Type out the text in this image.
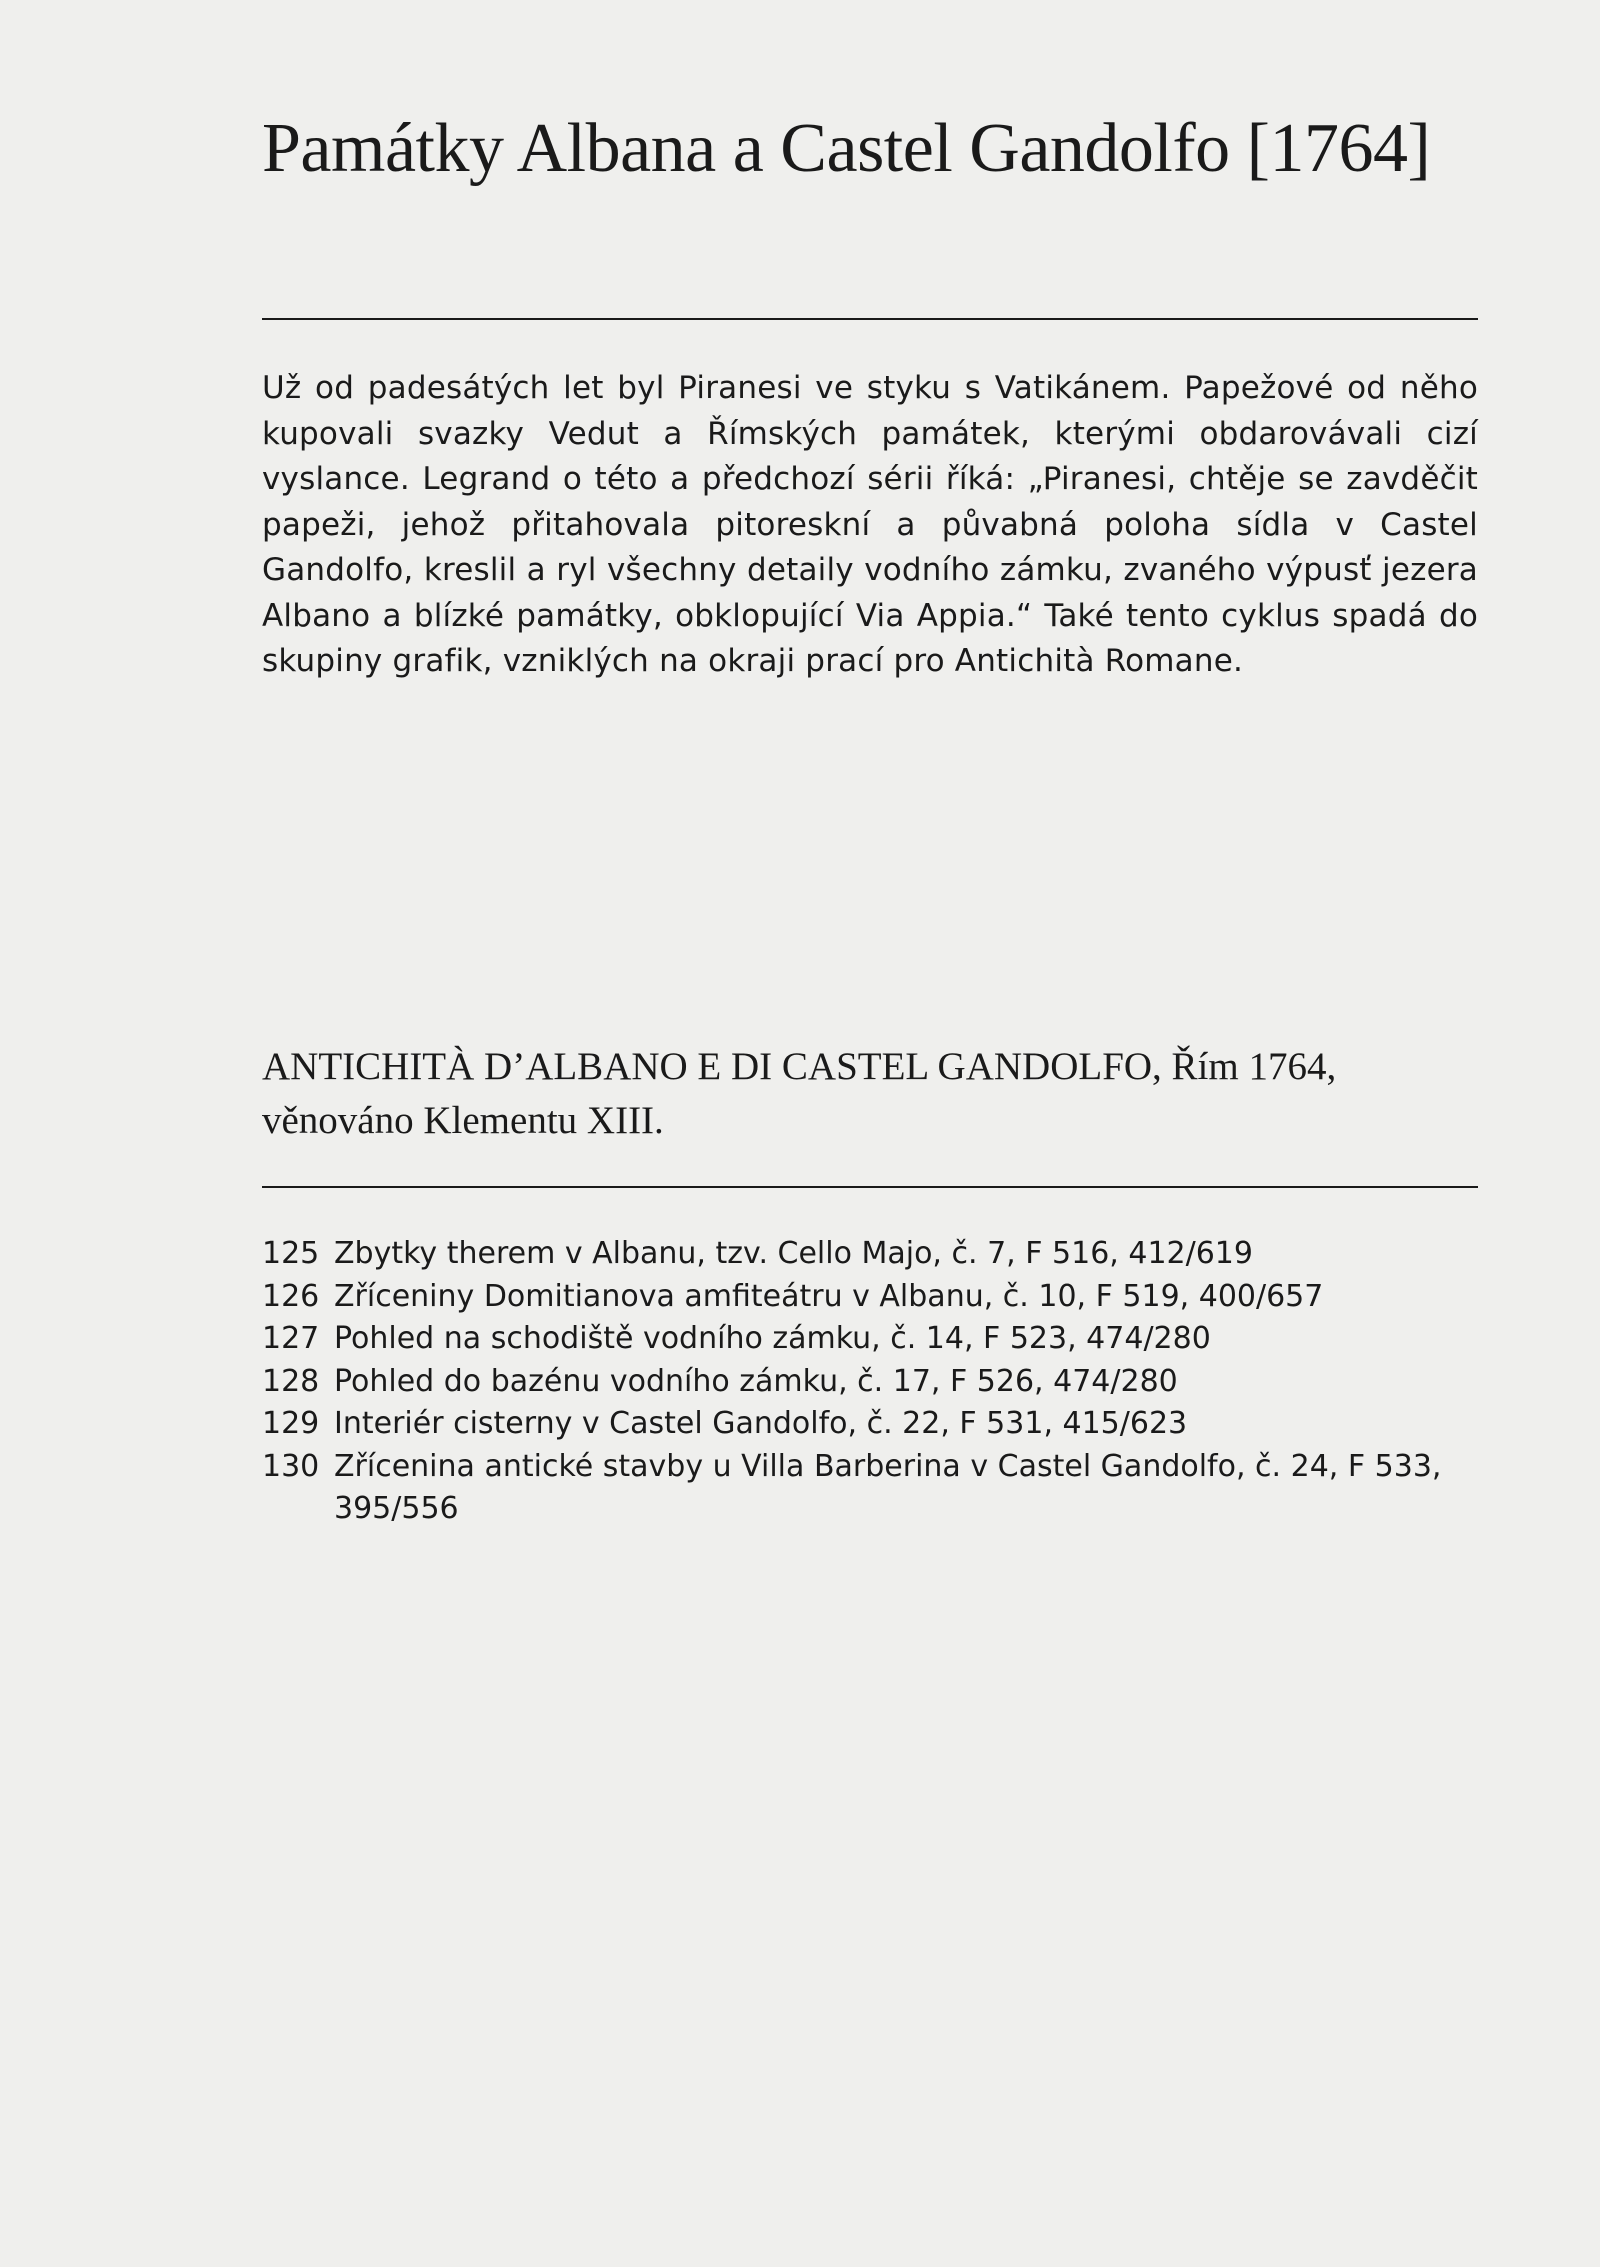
Památky Albana a Castel Gandolfo [1764]

Už od padesátých let byl Piranesi ve styku s Vatikánem. Papežové od něho kupovali svazky Vedut a Římských památek, kterými obdarovávali cizí vyslance. Legrand o této a předchozí sérii říká: „Piranesi, chtěje se zavděčit papeži, jehož přitahovala pitoreskní a půvabná poloha sídla v Castel Gandolfo, kreslil a ryl všechny detaily vodního zámku, zvaného výpusť jezera Albano a blízké památky, obklopující Via Appia.“ Také tento cyklus spadá do skupiny grafik, vzniklých na okraji prací pro Antichità Romane.

ANTICHITÀ D’ALBANO E DI CASTEL GANDOLFO, Řím 1764,
věnováno Klementu XIII.
125 Zbytky therem v Albanu, tzv. Cello Majo, č. 7, F 516, 412/619
126 Zříceniny Domitianova amfiteátru v Albanu, č. 10, F 519, 400/657
127 Pohled na schodiště vodního zámku, č. 14, F 523, 474/280
128 Pohled do bazénu vodního zámku, č. 17, F 526, 474/280
129 Interiér cisterny v Castel Gandolfo, č. 22, F 531, 415/623
130 Zřícenina antické stavby u Villa Barberina v Castel Gandolfo, č. 24, F 533, 395/556
